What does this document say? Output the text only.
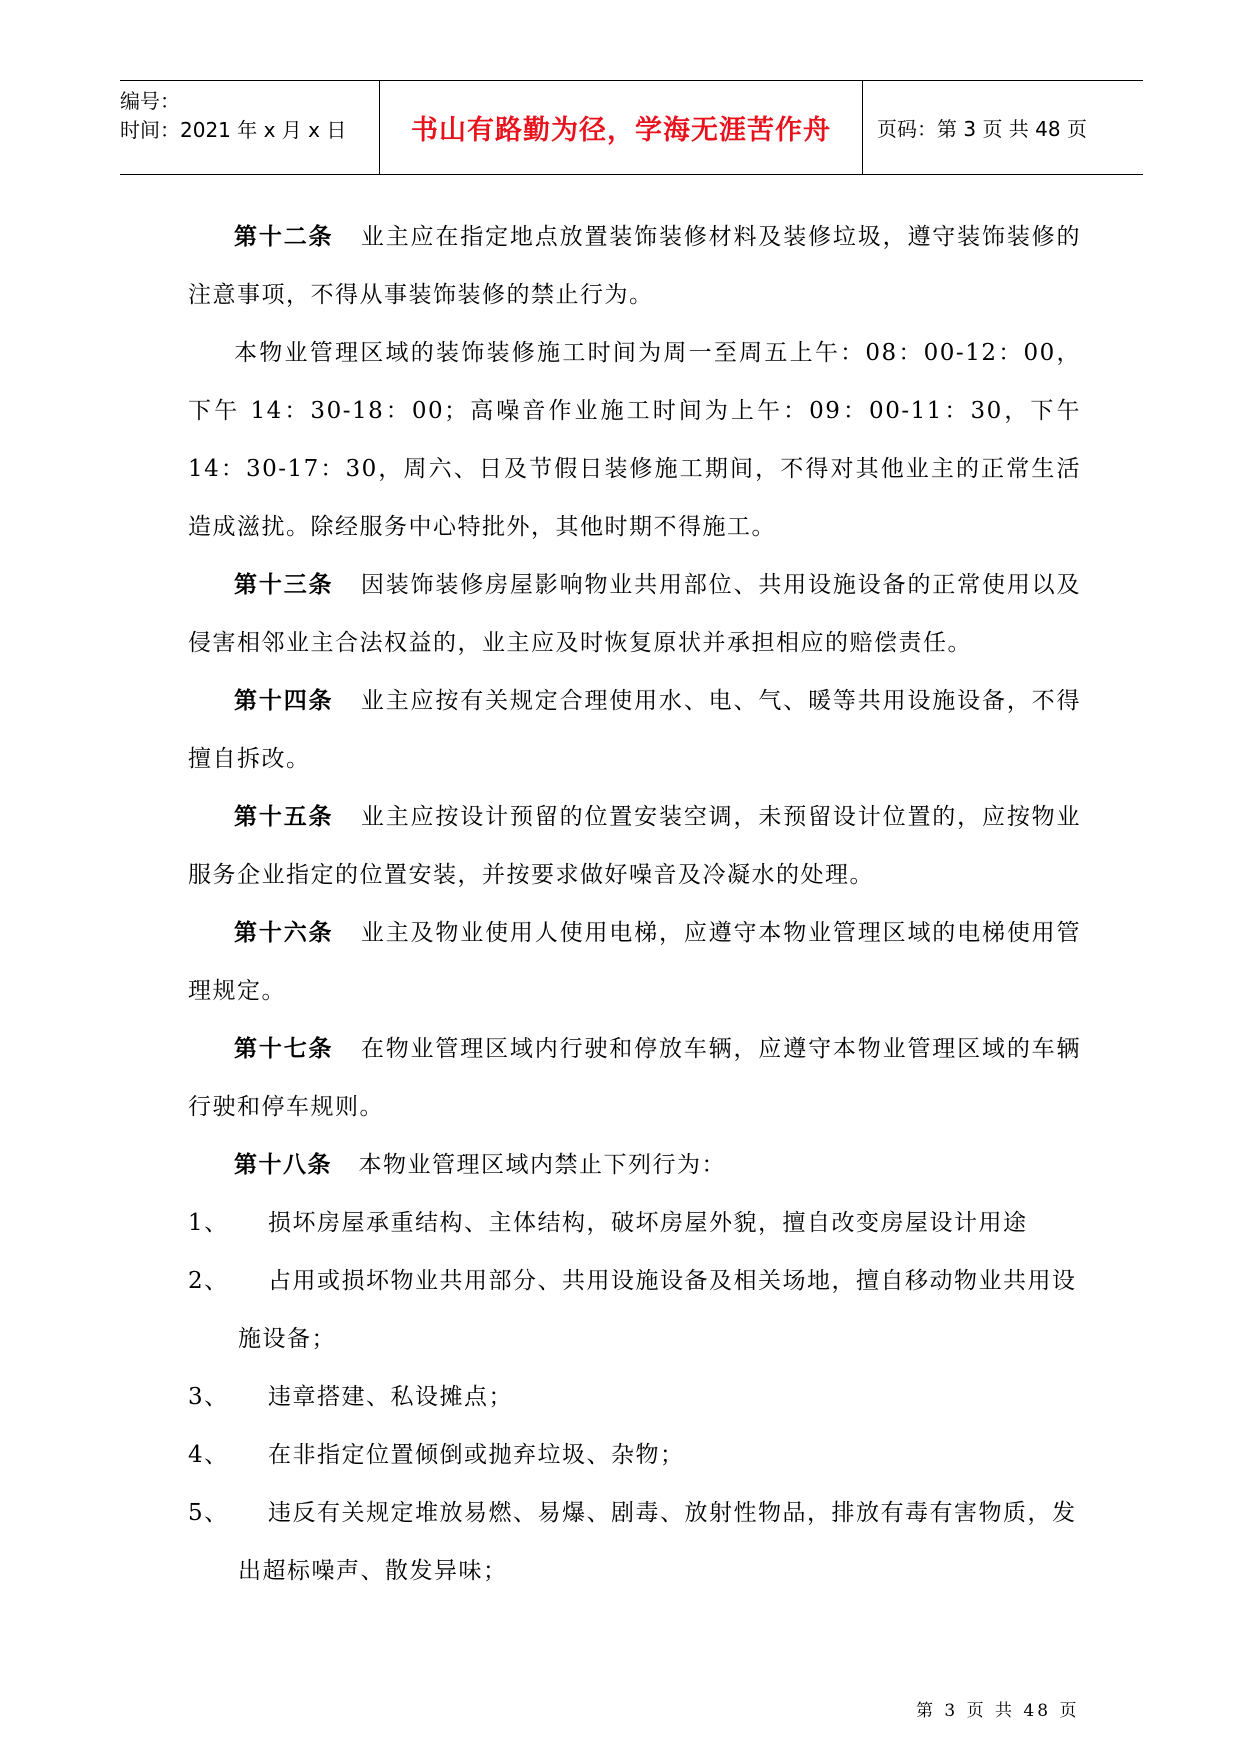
编号：
时间：2021 年 x 月 x 日	书山有路勤为径，学海无涯苦作舟	页码：第 3 页 共 48 页

第十二条 业主应在指定地点放置装饰装修材料及装修垃圾，遵守装饰装修的注意事项，不得从事装饰装修的禁止行为。

本物业管理区域的装饰装修施工时间为周一至周五上午：08：00-12：00，下午 14：30-18：00；高噪音作业施工时间为上午：09：00-11：30，下午 14：30-17：30，周六、日及节假日装修施工期间，不得对其他业主的正常生活造成滋扰。除经服务中心特批外，其他时期不得施工。

第十三条 因装饰装修房屋影响物业共用部位、共用设施设备的正常使用以及侵害相邻业主合法权益的，业主应及时恢复原状并承担相应的赔偿责任。

第十四条 业主应按有关规定合理使用水、电、气、暖等共用设施设备，不得擅自拆改。

第十五条 业主应按设计预留的位置安装空调，未预留设计位置的，应按物业服务企业指定的位置安装，并按要求做好噪音及冷凝水的处理。

第十六条 业主及物业使用人使用电梯，应遵守本物业管理区域的电梯使用管理规定。

第十七条 在物业管理区域内行驶和停放车辆，应遵守本物业管理区域的车辆行驶和停车规则。

第十八条 本物业管理区域内禁止下列行为：

1、 损坏房屋承重结构、主体结构，破坏房屋外貌，擅自改变房屋设计用途

2、 占用或损坏物业共用部分、共用设施设备及相关场地，擅自移动物业共用设施设备；

3、 违章搭建、私设摊点；

4、 在非指定位置倾倒或抛弃垃圾、杂物；

5、 违反有关规定堆放易燃、易爆、剧毒、放射性物品，排放有毒有害物质，发出超标噪声、散发异味；

第 3 页 共 48 页
